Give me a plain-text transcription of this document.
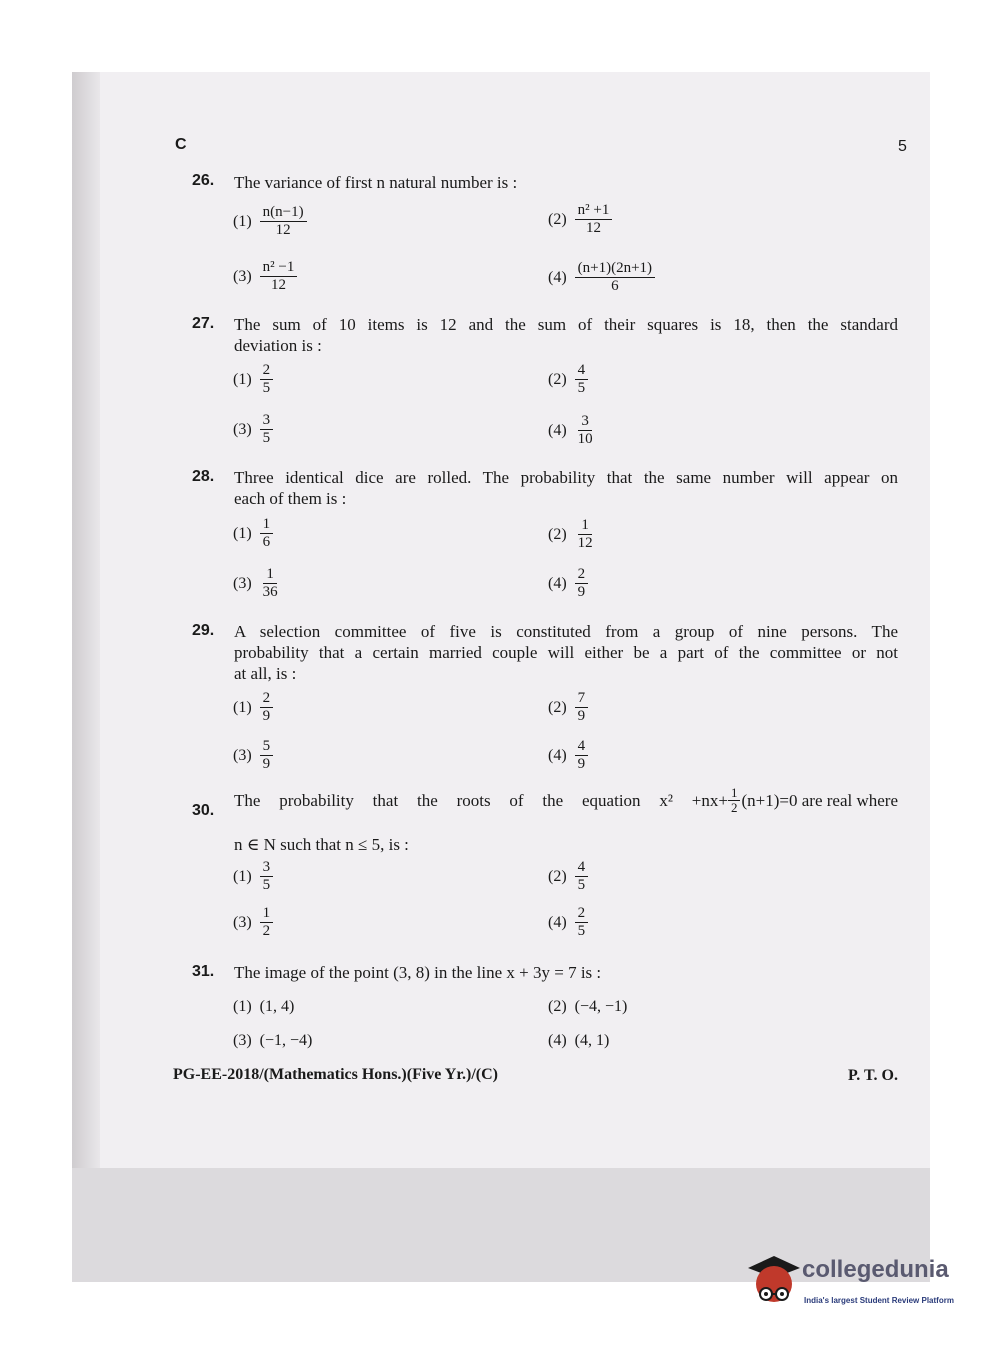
C	5
26. The variance of first n natural number is :
$(1) \frac{n(n-1)}{12}$	$(2) \frac{\text{n² +1}}{12}$
$(3) \frac{\text{n² −1}}{12}$	$(4) \frac{(n+1)(2n+1)}{6}$
27. The sum of 10 items is 12 and the sum of their squares is 18, then the standard
deviation is :
$(1) \frac{2}{5}$	$(2) \frac{4}{5}$
$(3) \frac{3}{5}$	$(4) \frac{3}{10}$
28. Three identical dice are rolled. The probability that the same number will appear on
each of them is :
$(1) \frac{1}{6}$	$(2) \frac{1}{12}$
$(3) \frac{1}{36}$	$(4) \frac{2}{9}$
29. A selection committee of five is constituted from a group of nine persons. The
probability that a certain married couple will either be a part of the committee or not
at all, is :
$(1) \frac{2}{9}$	$(2) \frac{7}{9}$
$(3) \frac{5}{9}$	$(4) \frac{4}{9}$
30.
The probability that the roots of the equation $x^2 +nx+ \frac{1}{2} (n+1)=0$ are real where
n ∈ N such that n ≤ 5, is :
$(1) \frac{3}{5}$	$(2) \frac{4}{5}$
$(3) \frac{1}{2}$	$(4) \frac{2}{5}$
31. The image of the point (3, 8) in the line x + 3y = 7 is :
(1) (1, 4)	(2) (−4, −1)
(3) (−1, −4)	(4) (4, 1)
PG-EE-2018/(Mathematics Hons.)(Five Yr.)/(C)	P. T. O.
collegedunia
India's largest Student Review Platform
